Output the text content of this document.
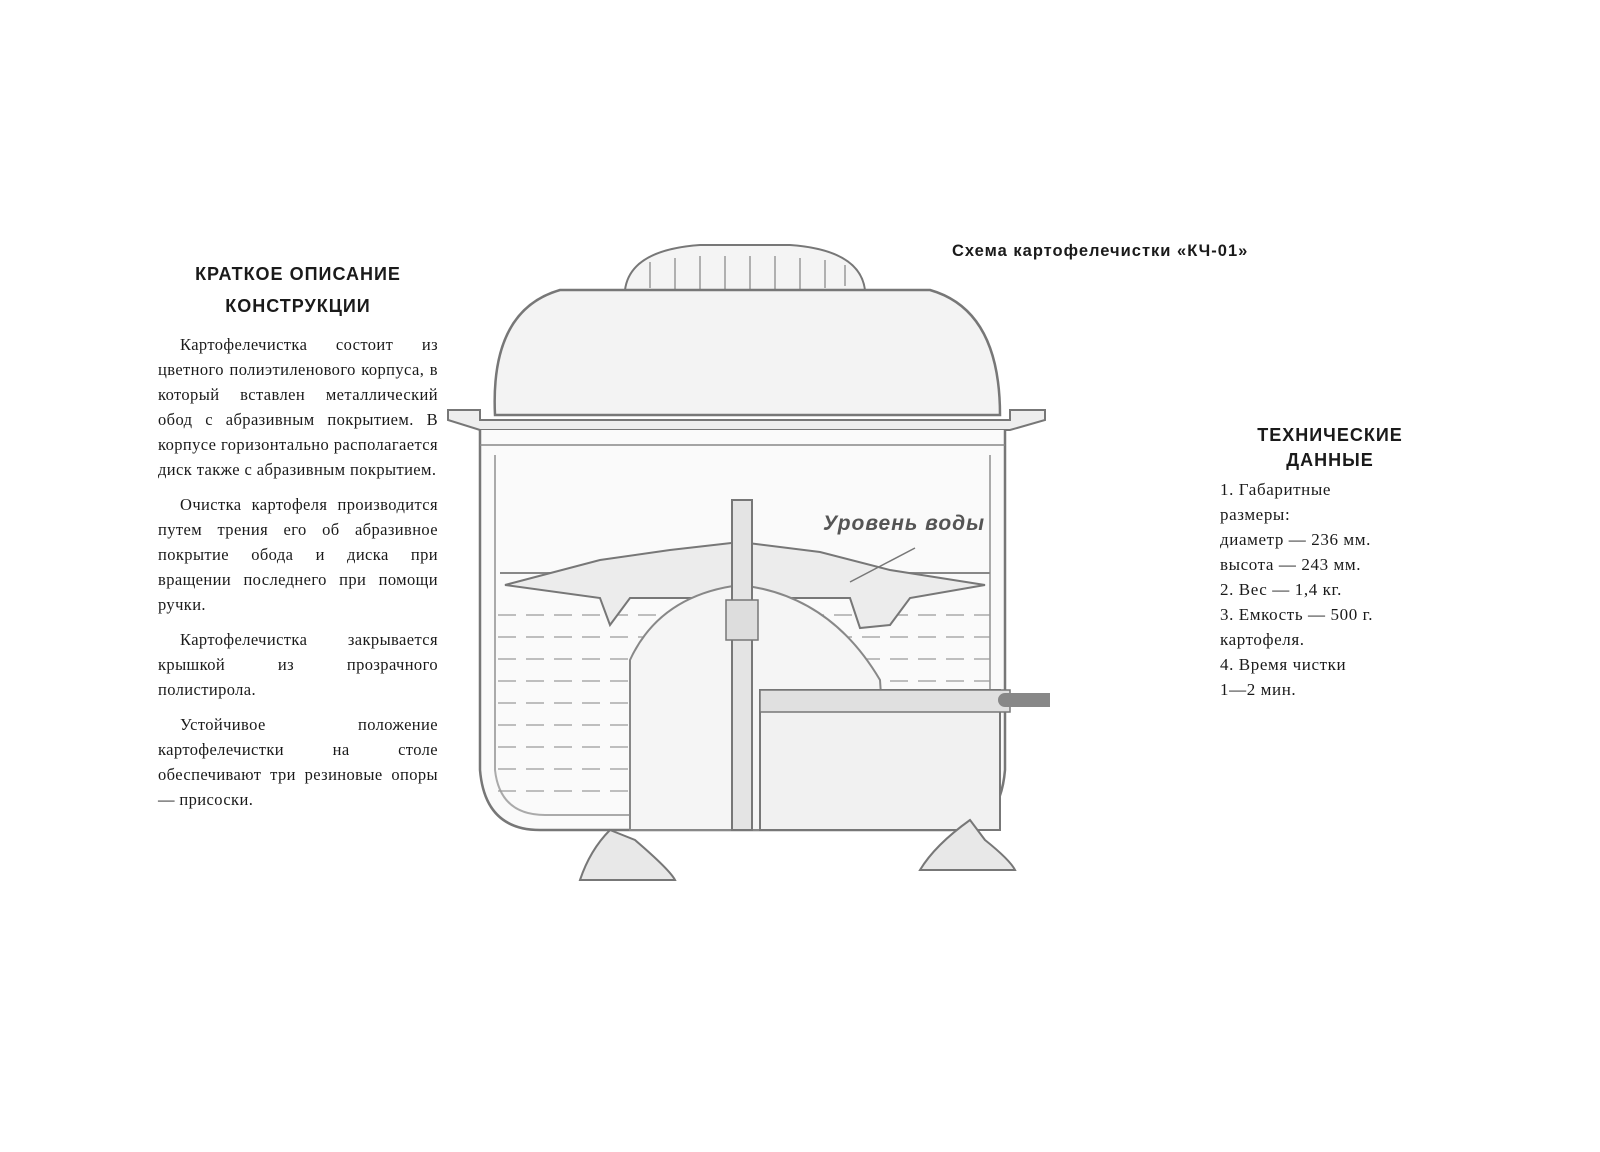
КРАТКОЕ ОПИСАНИЕ
КОНСТРУКЦИИ

Картофелечистка состоит из цветного полиэтиленового корпуса, в который вставлен металлический обод с абразивным покрытием. В корпусе горизонтально располагается диск также с абразивным покрытием.

Очистка картофеля производится путем трения его об абразивное покрытие обода и диска при вращении последнего при помощи ручки.

Картофелечистка закрывается крышкой из прозрачного полистирола.

Устойчивое положение картофелечистки на столе обеспечивают три резиновые опоры — присоски.

Схема картофелечистки «КЧ-01»
Уровень воды
ТЕХНИЧЕСКИЕ
ДАННЫЕ
1. Габаритные
размеры:
диаметр — 236 мм.
высота — 243 мм.
2. Вес — 1,4 кг.
3. Емкость — 500 г.
картофеля.
4. Время чистки
1—2 мин.
